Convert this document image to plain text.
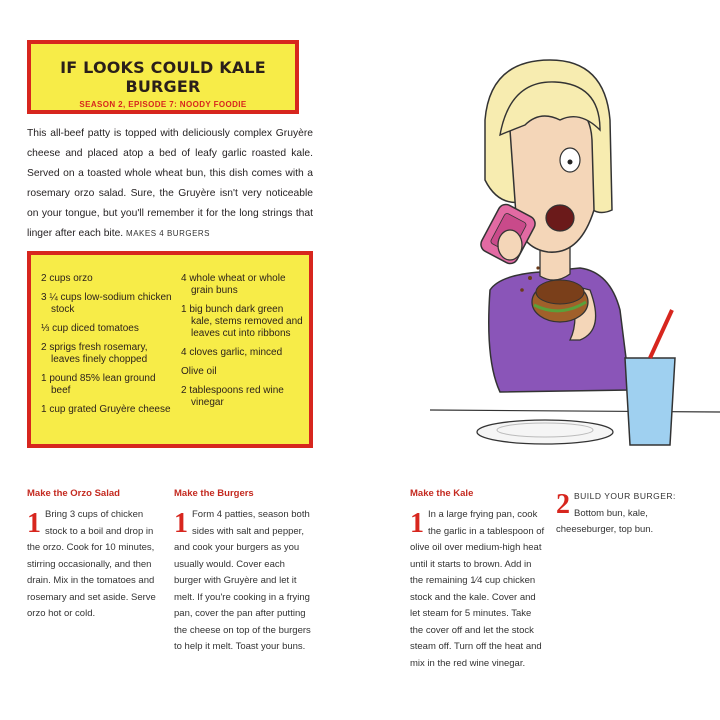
IF LOOKS COULD KALE BURGER
SEASON 2, EPISODE 7: NOODY FOODIE
This all-beef patty is topped with deliciously complex Gruyère cheese and placed atop a bed of leafy garlic roasted kale. Served on a toasted whole wheat bun, this dish comes with a rosemary orzo salad. Sure, the Gruyère isn't very noticeable on your tongue, but you'll remember it for the long strings that linger after each bite. MAKES 4 BURGERS
2 cups orzo
3 ¼ cups low-sodium chicken stock
⅓ cup diced tomatoes
2 sprigs fresh rosemary, leaves finely chopped
1 pound 85% lean ground beef
1 cup grated Gruyère cheese
4 whole wheat or whole grain buns
1 big bunch dark green kale, stems removed and leaves cut into ribbons
4 cloves garlic, minced
Olive oil
2 tablespoons red wine vinegar
Make the Orzo Salad
1 Bring 3 cups of chicken stock to a boil and drop in the orzo. Cook for 10 minutes, stirring occasionally, and then drain. Mix in the tomatoes and rosemary and set aside. Serve orzo hot or cold.
Make the Burgers
1 Form 4 patties, season both sides with salt and pepper, and cook your burgers as you usually would. Cover each burger with Gruyère and let it melt. If you're cooking in a frying pan, cover the pan after putting the cheese on top of the burgers to help it melt. Toast your buns.
Make the Kale
1 In a large frying pan, cook the garlic in a tablespoon of olive oil over medium-high heat until it starts to brown. Add in the remaining 1⁄4 cup chicken stock and the kale. Cover and let steam for 5 minutes. Take the cover off and let the stock steam off. Turn off the heat and mix in the red wine vinegar.
2 BUILD YOUR BURGER: Bottom bun, kale, cheeseburger, top bun.
